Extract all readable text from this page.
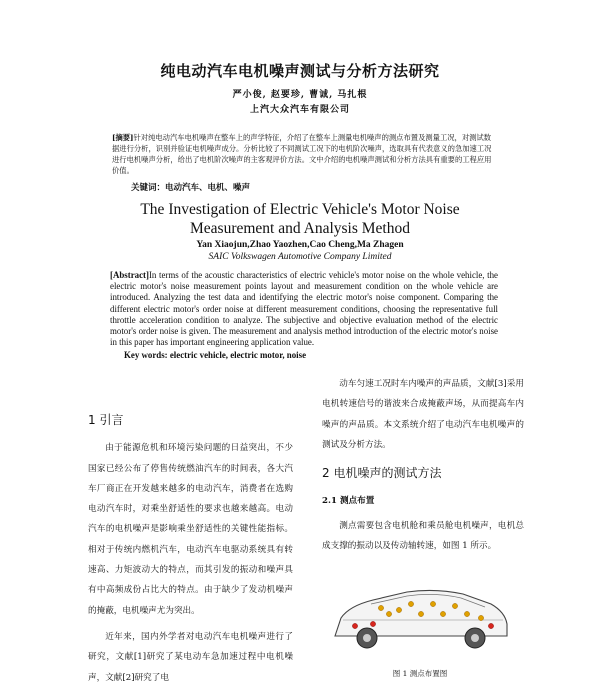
纯电动汽车电机噪声测试与分析方法研究
严小俊, 赵要珍, 曹诚, 马扎根
上汽大众汽车有限公司
[摘要]针对纯电动汽车电机噪声在整车上的声学特征，介绍了在整车上测量电机噪声的测点布置及测量工况，对测试数据进行分析，识别并验证电机噪声成分。分析比较了不同测试工况下的电机阶次噪声，选取具有代表意义的急加速工况进行电机噪声分析，给出了电机阶次噪声的主客观评价方法。文中介绍的电机噪声测试和分析方法具有重要的工程应用价值。
关键词：电动汽车、电机、噪声
The Investigation of Electric Vehicle's Motor Noise
Measurement and Analysis Method
Yan Xiaojun,Zhao Yaozhen,Cao Cheng,Ma Zhagen
SAIC Volkswagen Automotive Company Limited
[Abstract]In terms of the acoustic characteristics of electric vehicle's motor noise on the whole vehicle, the electric motor's noise measurement points layout and measurement condition on the whole vehicle are introduced. Analyzing the test data and identifying the electric motor's noise component. Comparing the different electric motor's order noise at different measurement conditions, choosing the representative full throttle acceleration condition to analyze. The subjective and objective evaluation method of the electric motor's order noise is given. The measurement and analysis method introduction of the electric motor's noise in this paper has important engineering application value.
Key words: electric vehicle, electric motor, noise
1 引言
由于能源危机和环境污染问题的日益突出，不少国家已经公布了停售传统燃油汽车的时间表，各大汽车厂商正在开发越来越多的电动汽车，消费者在选购电动汽车时，对乘坐舒适性的要求也越来越高。电动汽车的电机噪声是影响乘坐舒适性的关键性能指标。相对于传统内燃机汽车，电动汽车电驱动系统具有转速高、力矩波动大的特点，而其引发的振动和噪声具有中高频成份占比大的特点。由于缺少了发动机噪声的掩蔽，电机噪声尤为突出。
近年来，国内外学者对电动汽车电机噪声进行了研究，文献[1]研究了某电动车急加速过程中电机噪声，文献[2]研究了电
动车匀速工况时车内噪声的声品质，文献[3]采用电机转速信号的谐波来合成掩蔽声场，从而提高车内噪声的声品质。本文系统介绍了电动汽车电机噪声的测试及分析方法。
2 电机噪声的测试方法
2.1 测点布置
测点需要包含电机舱和乘员舱电机噪声，电机总成支撑的振动以及传动轴转速，如图 1 所示。
图 1 测点布置图
